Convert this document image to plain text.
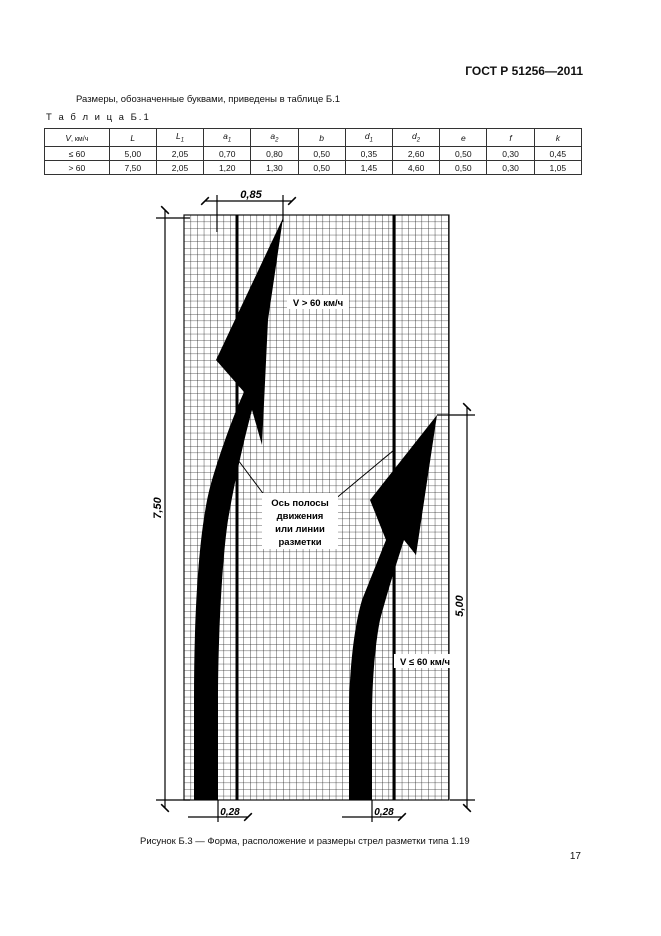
ГОСТ Р 51256—2011
Размеры, обозначенные буквами, приведены в таблице Б.1
Т а б л и ц а Б.1
V, км/ч	L	$L_1$	$a_1$	$a_2$	b	$d_1$	$d_2$	e	f	k
≤ 60	5,00	2,05	0,70	0,80	0,50	0,35	2,60	0,50	0,30	0,45
> 60	7,50	2,05	1,20	1,30	0,50	1,45	4,60	0,50	0,30	1,05
0,85
7,50
5,00
0,28	0,28
V > 60 км/ч
V ≤ 60 км/ч
Ось полосы
движения
или линии
разметки
Рисунок Б.3 — Форма, расположение и размеры стрел разметки типа 1.19
17
